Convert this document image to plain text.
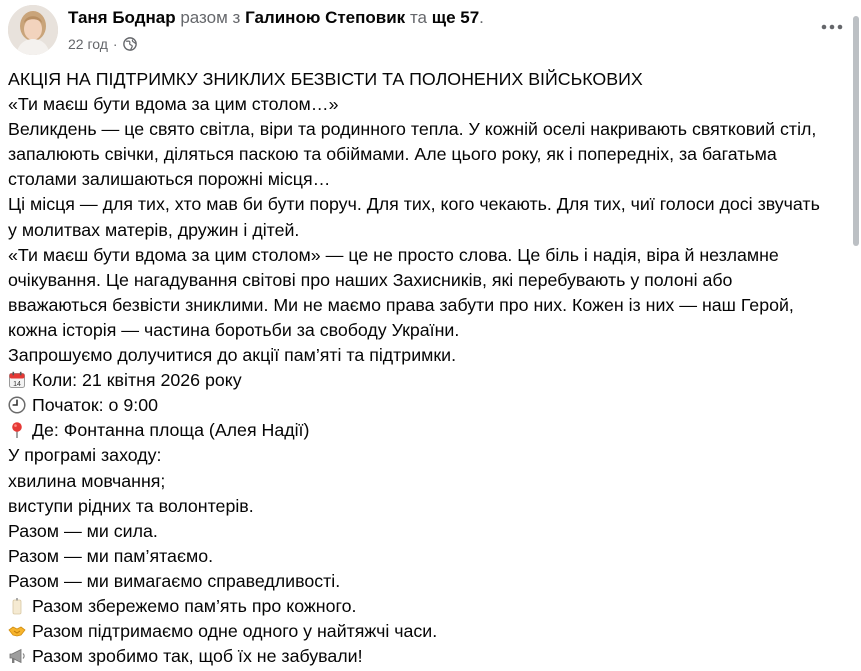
Таня Боднар разом з Галиною Степовик та ще 57.
22 год ·

АКЦІЯ НА ПІДТРИМКУ ЗНИКЛИХ БЕЗВІСТИ ТА ПОЛОНЕНИХ ВІЙСЬКОВИХ

«Ти маєш бути вдома за цим столом…»

Великдень — це свято світла, віри та родинного тепла. У кожній оселі накривають святковий стіл,

запалюють свічки, діляться паскою та обіймами. Але цього року, як і попередніх, за багатьма

столами залишаються порожні місця…

Ці місця — для тих, хто мав би бути поруч. Для тих, кого чекають. Для тих, чиї голоси досі звучать

у молитвах матерів, дружин і дітей.

«Ти маєш бути вдома за цим столом» — це не просто слова. Це біль і надія, віра й незламне

очікування. Це нагадування світові про наших Захисників, які перебувають у полоні або

вважаються безвісти зниклими. Ми не маємо права забути про них. Кожен із них — наш Герой,

кожна історія — частина боротьби за свободу України.

Запрошуємо долучитися до акції пам’яті та підтримки.

14 Коли: 21 квітня 2026 року

Початок: о 9:00

Де: Фонтанна площа (Алея Надії)

У програмі заходу:

хвилина мовчання;

виступи рідних та волонтерів.

Разом — ми сила.

Разом — ми пам’ятаємо.

Разом — ми вимагаємо справедливості.

Разом збережемо пам’ять про кожного.

Разом підтримаємо одне одного у найтяжчі часи.

Разом зробимо так, щоб їх не забували!
